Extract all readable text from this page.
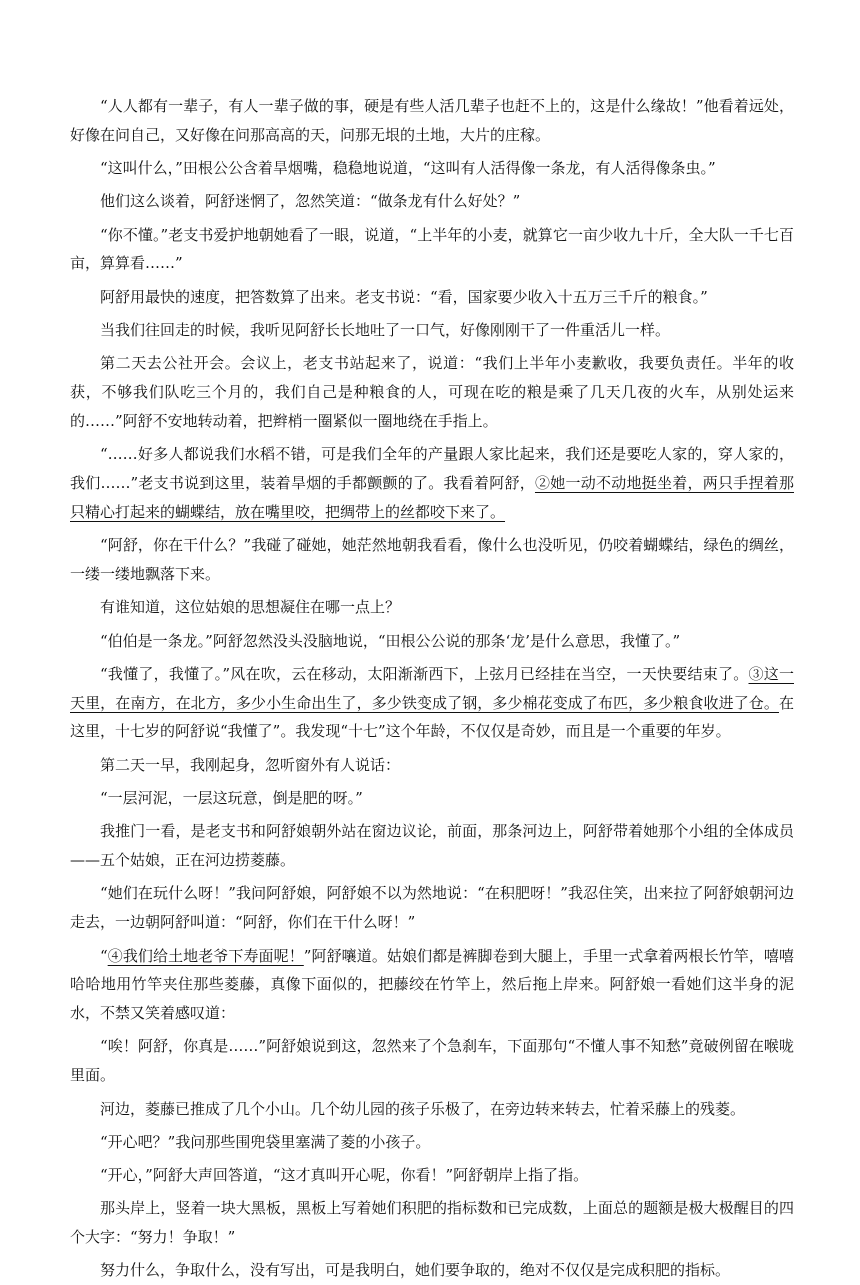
“人人都有一辈子，有人一辈子做的事，硬是有些人活几辈子也赶不上的，这是什么缘故！”他看着远处，好像在问自己，又好像在问那高高的天，问那无垠的土地，大片的庄稼。

“这叫什么，”田根公公含着旱烟嘴，稳稳地说道，“这叫有人活得像一条龙，有人活得像条虫。”

他们这么谈着，阿舒迷惘了，忽然笑道：“做条龙有什么好处？”

“你不懂。”老支书爱护地朝她看了一眼，说道，“上半年的小麦，就算它一亩少收九十斤，全大队一千七百亩，算算看……”

阿舒用最快的速度，把答数算了出来。老支书说：“看，国家要少收入十五万三千斤的粮食。”

当我们往回走的时候，我听见阿舒长长地吐了一口气，好像刚刚干了一件重活儿一样。

第二天去公社开会。会议上，老支书站起来了，说道：“我们上半年小麦歉收，我要负责任。半年的收获，不够我们队吃三个月的，我们自己是种粮食的人，可现在吃的粮是乘了几天几夜的火车，从别处运来的……”阿舒不安地转动着，把辫梢一圈紧似一圈地绕在手指上。

“……好多人都说我们水稻不错，可是我们全年的产量跟人家比起来，我们还是要吃人家的，穿人家的，我们……”老支书说到这里，装着旱烟的手都颤颤的了。我看着阿舒，②她一动不动地挺坐着，两只手捏着那只精心打起来的蝴蝶结，放在嘴里咬，把绸带上的丝都咬下来了。

“阿舒，你在干什么？”我碰了碰她，她茫然地朝我看看，像什么也没听见，仍咬着蝴蝶结，绿色的绸丝，一缕一缕地飘落下来。

有谁知道，这位姑娘的思想凝住在哪一点上？

“伯伯是一条龙。”阿舒忽然没头没脑地说，“田根公公说的那条‘龙’是什么意思，我懂了。”

“我懂了，我懂了。”风在吹，云在移动，太阳渐渐西下，上弦月已经挂在当空，一天快要结束了。③这一天里，在南方，在北方，多少小生命出生了，多少铁变成了钢，多少棉花变成了布匹，多少粮食收进了仓。在这里，十七岁的阿舒说“我懂了”。我发现“十七”这个年龄，不仅仅是奇妙，而且是一个重要的年岁。

第二天一早，我刚起身，忽听窗外有人说话：

“一层河泥，一层这玩意，倒是肥的呀。”

我推门一看，是老支书和阿舒娘朝外站在窗边议论，前面，那条河边上，阿舒带着她那个小组的全体成员——五个姑娘，正在河边捞菱藤。

“她们在玩什么呀！”我问阿舒娘，阿舒娘不以为然地说：“在积肥呀！”我忍住笑，出来拉了阿舒娘朝河边走去，一边朝阿舒叫道：“阿舒，你们在干什么呀！”

“④我们给土地老爷下寿面呢！”阿舒嚷道。姑娘们都是裤脚卷到大腿上，手里一式拿着两根长竹竿，嘻嘻哈哈地用竹竿夹住那些菱藤，真像下面似的，把藤绞在竹竿上，然后拖上岸来。阿舒娘一看她们这半身的泥水，不禁又笑着感叹道：

“唉！阿舒，你真是……”阿舒娘说到这，忽然来了个急刹车，下面那句“不懂人事不知愁”竟破例留在喉咙里面。

河边，菱藤已推成了几个小山。几个幼儿园的孩子乐极了，在旁边转来转去，忙着采藤上的残菱。

“开心吧？”我问那些围兜袋里塞满了菱的小孩子。

“开心，”阿舒大声回答道，“这才真叫开心呢，你看！”阿舒朝岸上指了指。

那头岸上，竖着一块大黑板，黑板上写着她们积肥的指标数和已完成数，上面总的题额是极大极醒目的四个大字：“努力！争取！”

努力什么，争取什么，没有写出，可是我明白，她们要争取的，绝对不仅仅是完成积肥的指标。
